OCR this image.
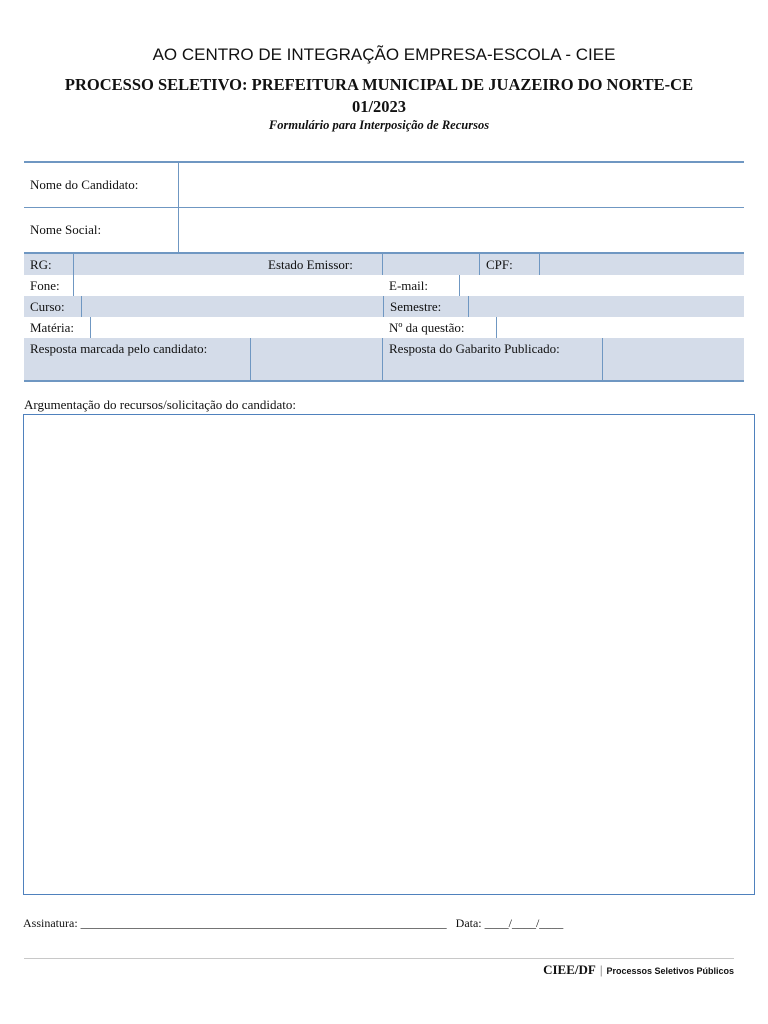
AO CENTRO DE INTEGRAÇÃO EMPRESA-ESCOLA - CIEE
PROCESSO SELETIVO: PREFEITURA MUNICIPAL DE JUAZEIRO DO NORTE-CE
01/2023
Formulário para Interposição de Recursos
Nome do Candidato:
Nome Social:
RG:	Estado Emissor:	CPF:
Fone:	E-mail:
Curso:	Semestre:
Matéria:	Nº da questão:
Resposta marcada pelo candidato:	Resposta do Gabarito Publicado:
Argumentação do recursos/solicitação do candidato:
Assinatura: _____________________________________________________________ Data: ____/____/____
CIEE/DF | Processos Seletivos Públicos
